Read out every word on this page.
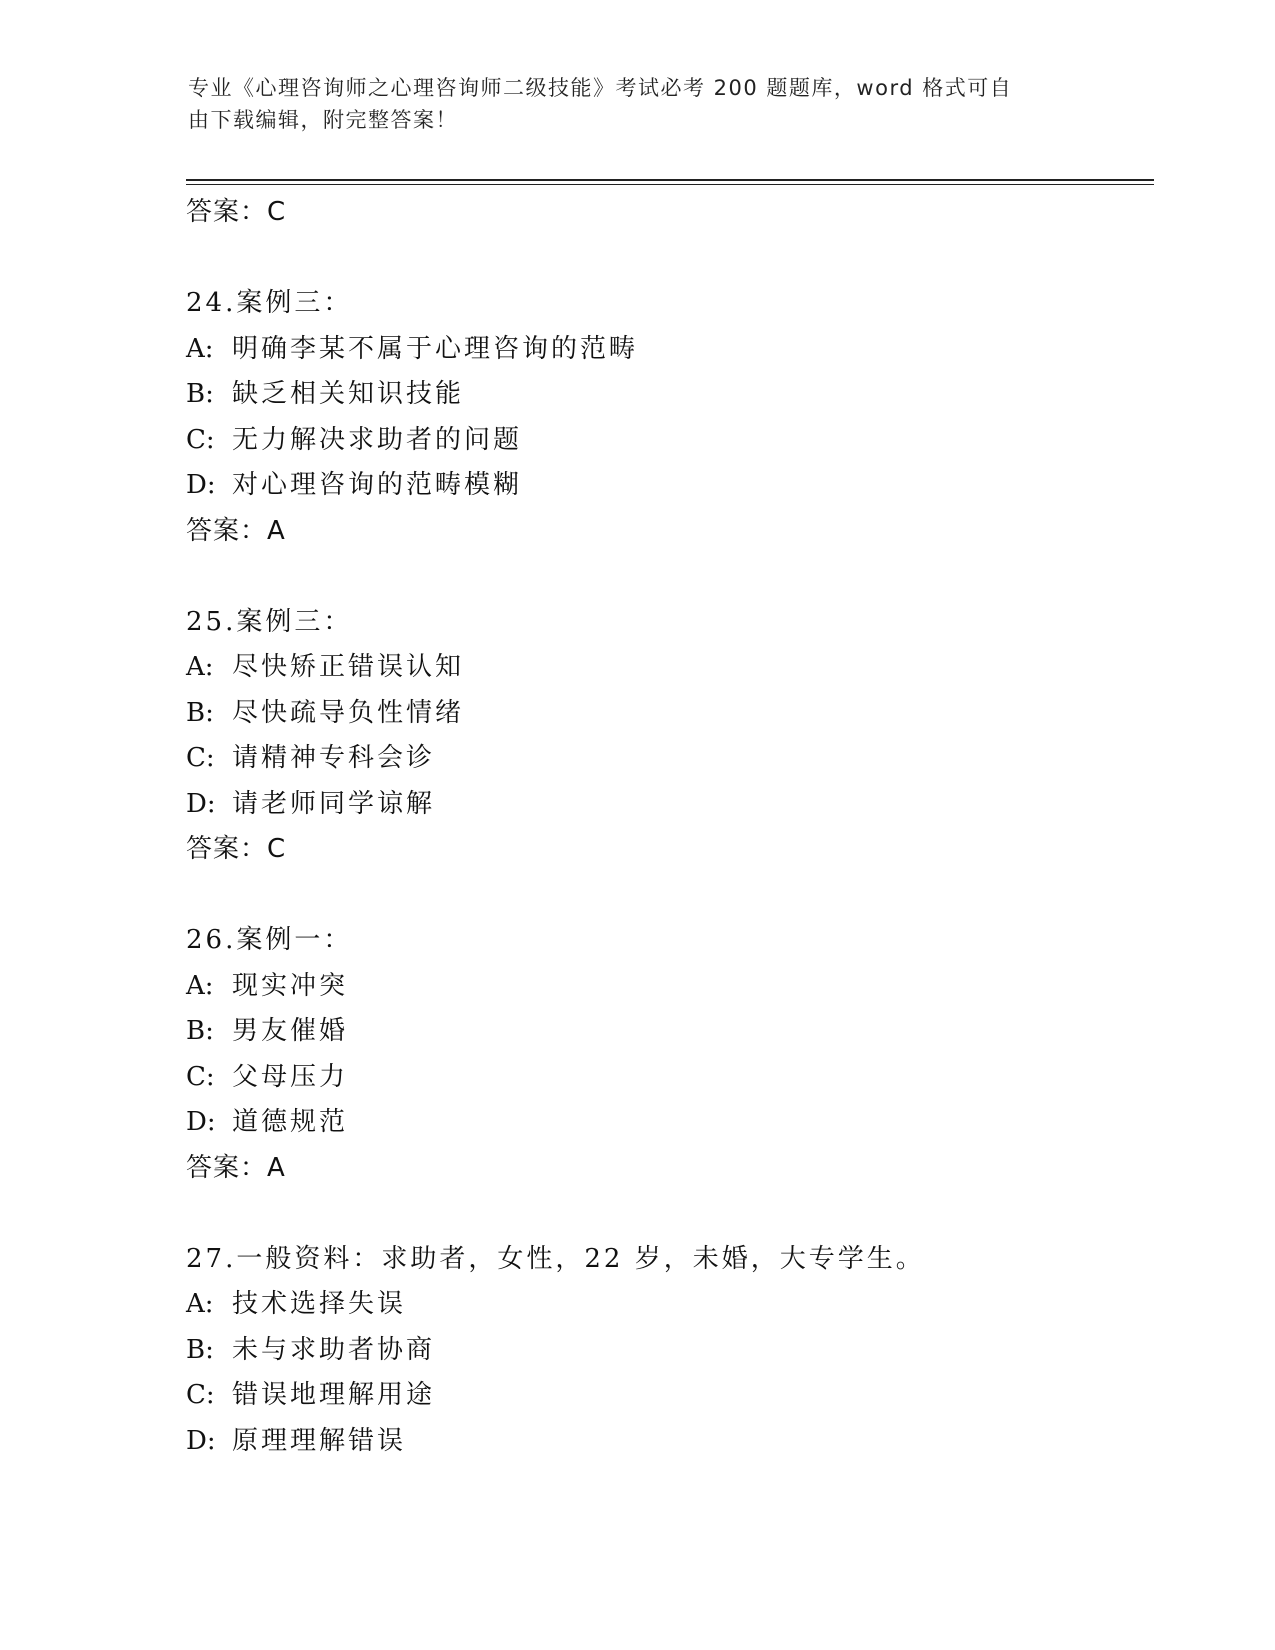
专业《心理咨询师之心理咨询师二级技能》考试必考 200 题题库，word 格式可自
由下载编辑，附完整答案！
答案：C
24.案例三：
A: 明确李某不属于心理咨询的范畴
B: 缺乏相关知识技能
C: 无力解决求助者的问题
D: 对心理咨询的范畴模糊
答案：A
25.案例三：
A: 尽快矫正错误认知
B: 尽快疏导负性情绪
C: 请精神专科会诊
D: 请老师同学谅解
答案：C
26.案例一：
A: 现实冲突
B: 男友催婚
C: 父母压力
D: 道德规范
答案：A
27.一般资料：求助者，女性，22 岁，未婚，大专学生。
A: 技术选择失误
B: 未与求助者协商
C: 错误地理解用途
D: 原理理解错误
